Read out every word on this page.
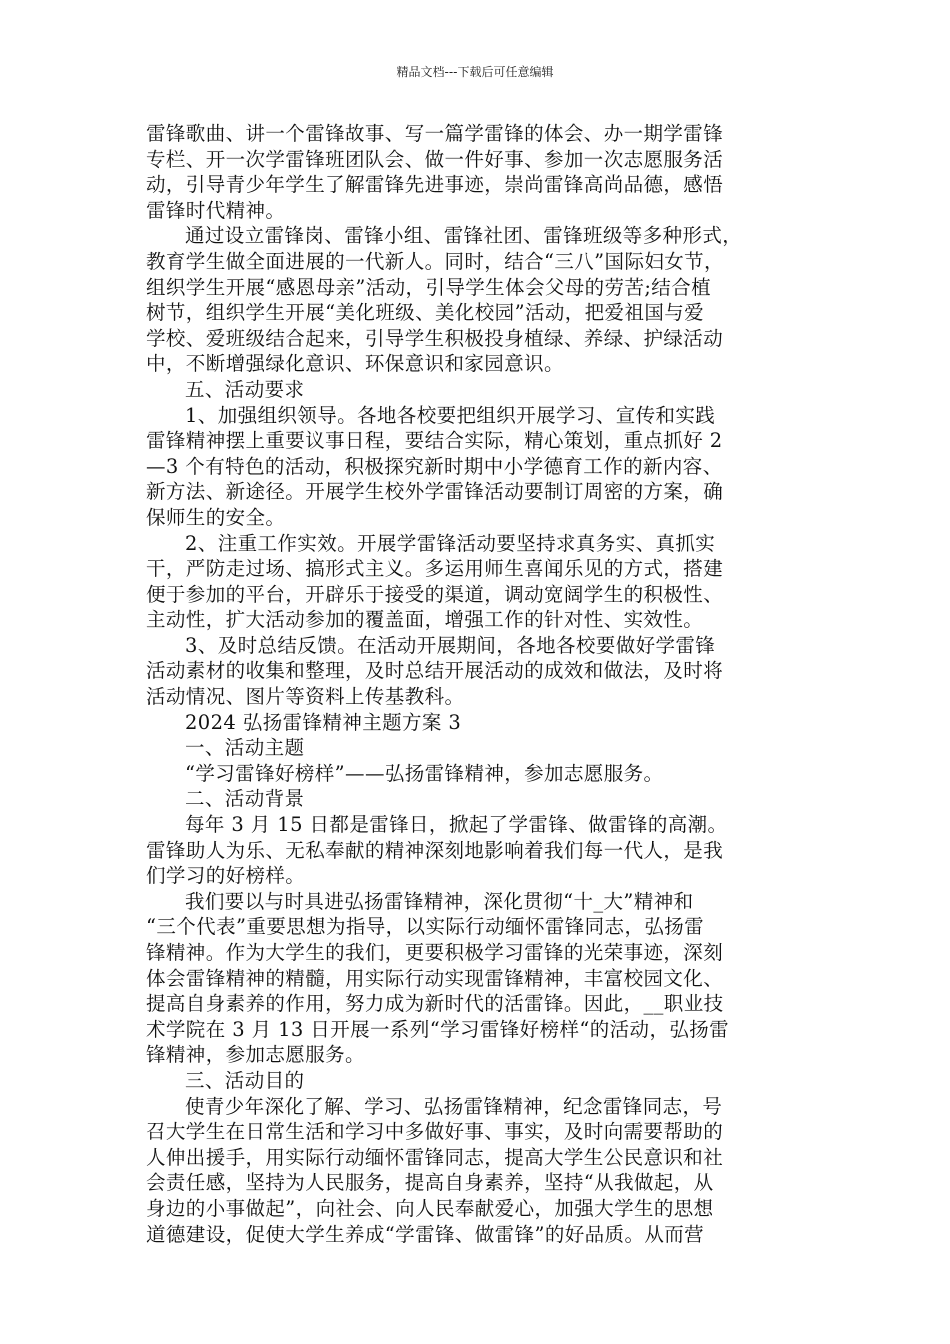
精品文档---下载后可任意编辑

雷锋歌曲、讲一个雷锋故事、写一篇学雷锋的体会、办一期学雷锋
专栏、开一次学雷锋班团队会、做一件好事、参加一次志愿服务活
动，引导青少年学生了解雷锋先进事迹，崇尚雷锋高尚品德，感悟
雷锋时代精神。

通过设立雷锋岗、雷锋小组、雷锋社团、雷锋班级等多种形式，
教育学生做全面进展的一代新人。同时，结合“三八”国际妇女节，
组织学生开展“感恩母亲”活动，引导学生体会父母的劳苦;结合植
树节，组织学生开展“美化班级、美化校园”活动，把爱祖国与爱
学校、爱班级结合起来，引导学生积极投身植绿、养绿、护绿活动
中，不断增强绿化意识、环保意识和家园意识。

五、活动要求

1、加强组织领导。各地各校要把组织开展学习、宣传和实践
雷锋精神摆上重要议事日程，要结合实际，精心策划，重点抓好 2
—3 个有特色的活动，积极探究新时期中小学德育工作的新内容、
新方法、新途径。开展学生校外学雷锋活动要制订周密的方案，确
保师生的安全。

2、注重工作实效。开展学雷锋活动要坚持求真务实、真抓实
干，严防走过场、搞形式主义。多运用师生喜闻乐见的方式，搭建
便于参加的平台，开辟乐于接受的渠道，调动宽阔学生的积极性、
主动性，扩大活动参加的覆盖面，增强工作的针对性、实效性。

3、及时总结反馈。在活动开展期间，各地各校要做好学雷锋
活动素材的收集和整理，及时总结开展活动的成效和做法，及时将
活动情况、图片等资料上传基教科。

2024 弘扬雷锋精神主题方案 3

一、活动主题

“学习雷锋好榜样”——弘扬雷锋精神，参加志愿服务。

二、活动背景

每年 3 月 15 日都是雷锋日，掀起了学雷锋、做雷锋的高潮。
雷锋助人为乐、无私奉献的精神深刻地影响着我们每一代人，是我
们学习的好榜样。

我们要以与时具进弘扬雷锋精神，深化贯彻“十_大”精神和
“三个代表”重要思想为指导，以实际行动缅怀雷锋同志，弘扬雷
锋精神。作为大学生的我们，更要积极学习雷锋的光荣事迹，深刻
体会雷锋精神的精髓，用实际行动实现雷锋精神，丰富校园文化、
提高自身素养的作用，努力成为新时代的活雷锋。因此，__职业技
术学院在 3 月 13 日开展一系列“学习雷锋好榜样“的活动，弘扬雷
锋精神，参加志愿服务。

三、活动目的

使青少年深化了解、学习、弘扬雷锋精神，纪念雷锋同志，号
召大学生在日常生活和学习中多做好事、事实，及时向需要帮助的
人伸出援手，用实际行动缅怀雷锋同志，提高大学生公民意识和社
会责任感，坚持为人民服务，提高自身素养，坚持“从我做起，从
身边的小事做起”，向社会、向人民奉献爱心，加强大学生的思想
道德建设，促使大学生养成“学雷锋、做雷锋”的好品质。从而营
